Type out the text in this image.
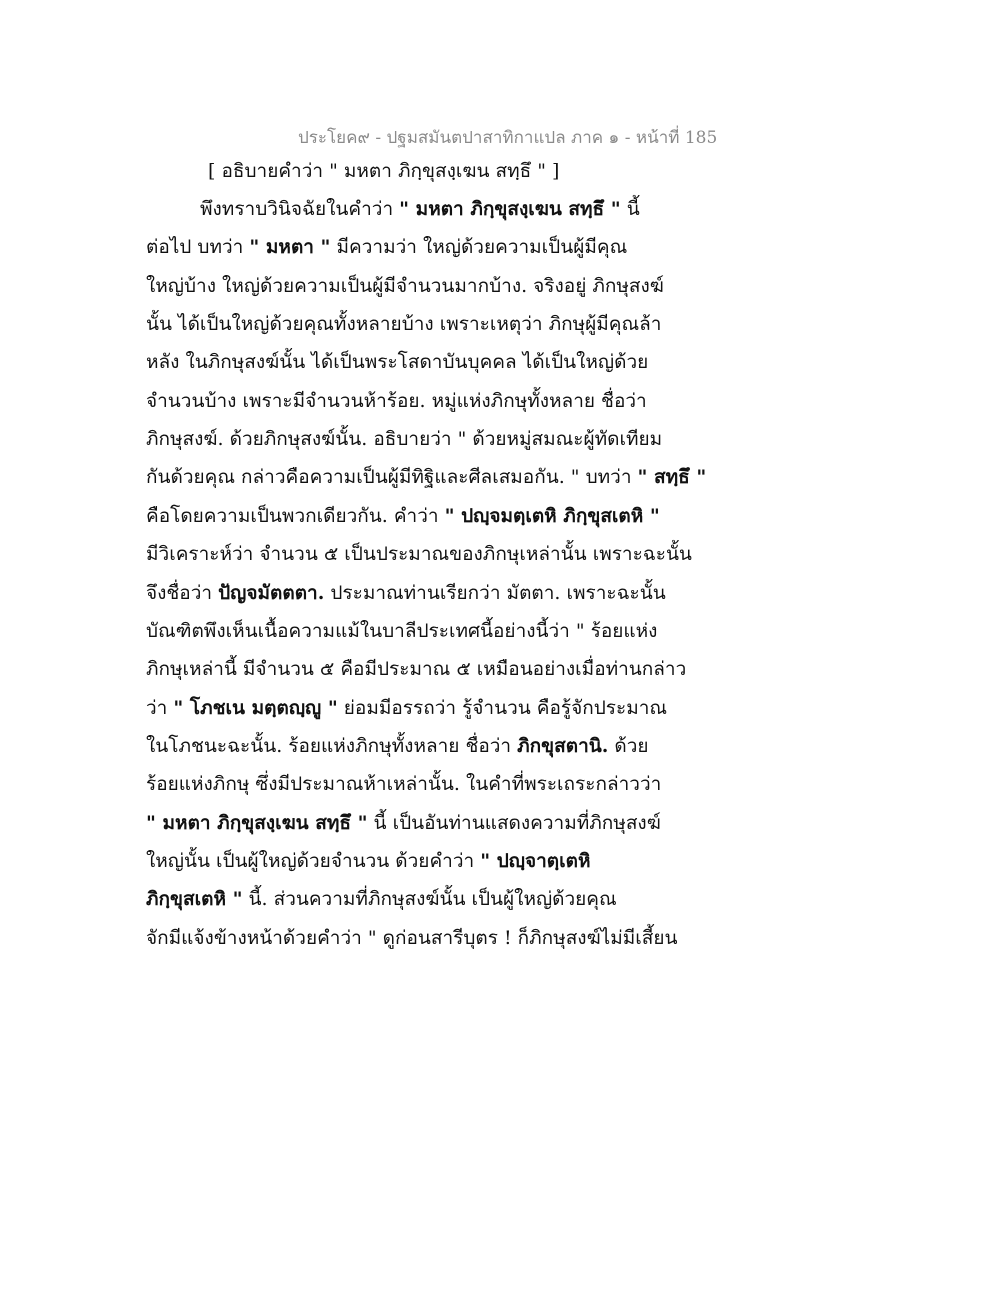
ประโยค๙ - ปฐมสมันตปาสาทิกาแปล ภาค ๑ - หน้าที่ 185
[ อธิบายคำว่า " มหตา ภิกฺขุสงฺเฆน สทฺธึ " ]
พึงทราบวินิจฉัยในคำว่า " มหตา ภิกฺขุสงฺเฆน สทฺธึ " นี้
ต่อไป บทว่า " มหตา " มีความว่า ใหญ่ด้วยความเป็นผู้มีคุณ
ใหญ่บ้าง ใหญ่ด้วยความเป็นผู้มีจำนวนมากบ้าง. จริงอยู่ ภิกษุสงฆ์
นั้น ได้เป็นใหญ่ด้วยคุณทั้งหลายบ้าง เพราะเหตุว่า ภิกษุผู้มีคุณล้า
หลัง ในภิกษุสงฆ์นั้น ได้เป็นพระโสดาบันบุคคล ได้เป็นใหญ่ด้วย
จำนวนบ้าง เพราะมีจำนวนห้าร้อย. หมู่แห่งภิกษุทั้งหลาย ชื่อว่า
ภิกษุสงฆ์. ด้วยภิกษุสงฆ์นั้น. อธิบายว่า " ด้วยหมู่สมณะผู้ทัดเทียม
กันด้วยคุณ กล่าวคือความเป็นผู้มีทิฐิและศีลเสมอกัน. " บทว่า " สทฺธึ "
คือโดยความเป็นพวกเดียวกัน. คำว่า " ปญฺจมตฺเตหิ ภิกฺขุสเตหิ "
มีวิเคราะห์ว่า จำนวน ๕ เป็นประมาณของภิกษุเหล่านั้น เพราะฉะนั้น
จึงชื่อว่า ปัญจมัตตตา. ประมาณท่านเรียกว่า มัตตา. เพราะฉะนั้น
บัณฑิตพึงเห็นเนื้อความแม้ในบาลีประเทศนี้อย่างนี้ว่า " ร้อยแห่ง
ภิกษุเหล่านี้ มีจำนวน ๕ คือมีประมาณ ๕ เหมือนอย่างเมื่อท่านกล่าว
ว่า " โภชเน มตฺตญฺญู " ย่อมมีอรรถว่า รู้จำนวน คือรู้จักประมาณ
ในโภชนะฉะนั้น. ร้อยแห่งภิกษุทั้งหลาย ชื่อว่า ภิกขุสตานิ. ด้วย
ร้อยแห่งภิกษุ ซึ่งมีประมาณห้าเหล่านั้น. ในคำที่พระเถระกล่าวว่า
" มหตา ภิกฺขุสงฺเฆน สทฺธึ " นี้ เป็นอันท่านแสดงความที่ภิกษุสงฆ์
ใหญ่นั้น เป็นผู้ใหญ่ด้วยจำนวน ด้วยคำว่า " ปญฺจาตฺเตหิ
ภิกฺขุสเตหิ " นี้. ส่วนความที่ภิกษุสงฆ์นั้น เป็นผู้ใหญ่ด้วยคุณ
จักมีแจ้งข้างหน้าด้วยคำว่า " ดูก่อนสารีบุตร ! ก็ภิกษุสงฆ์ไม่มีเสี้ยน
